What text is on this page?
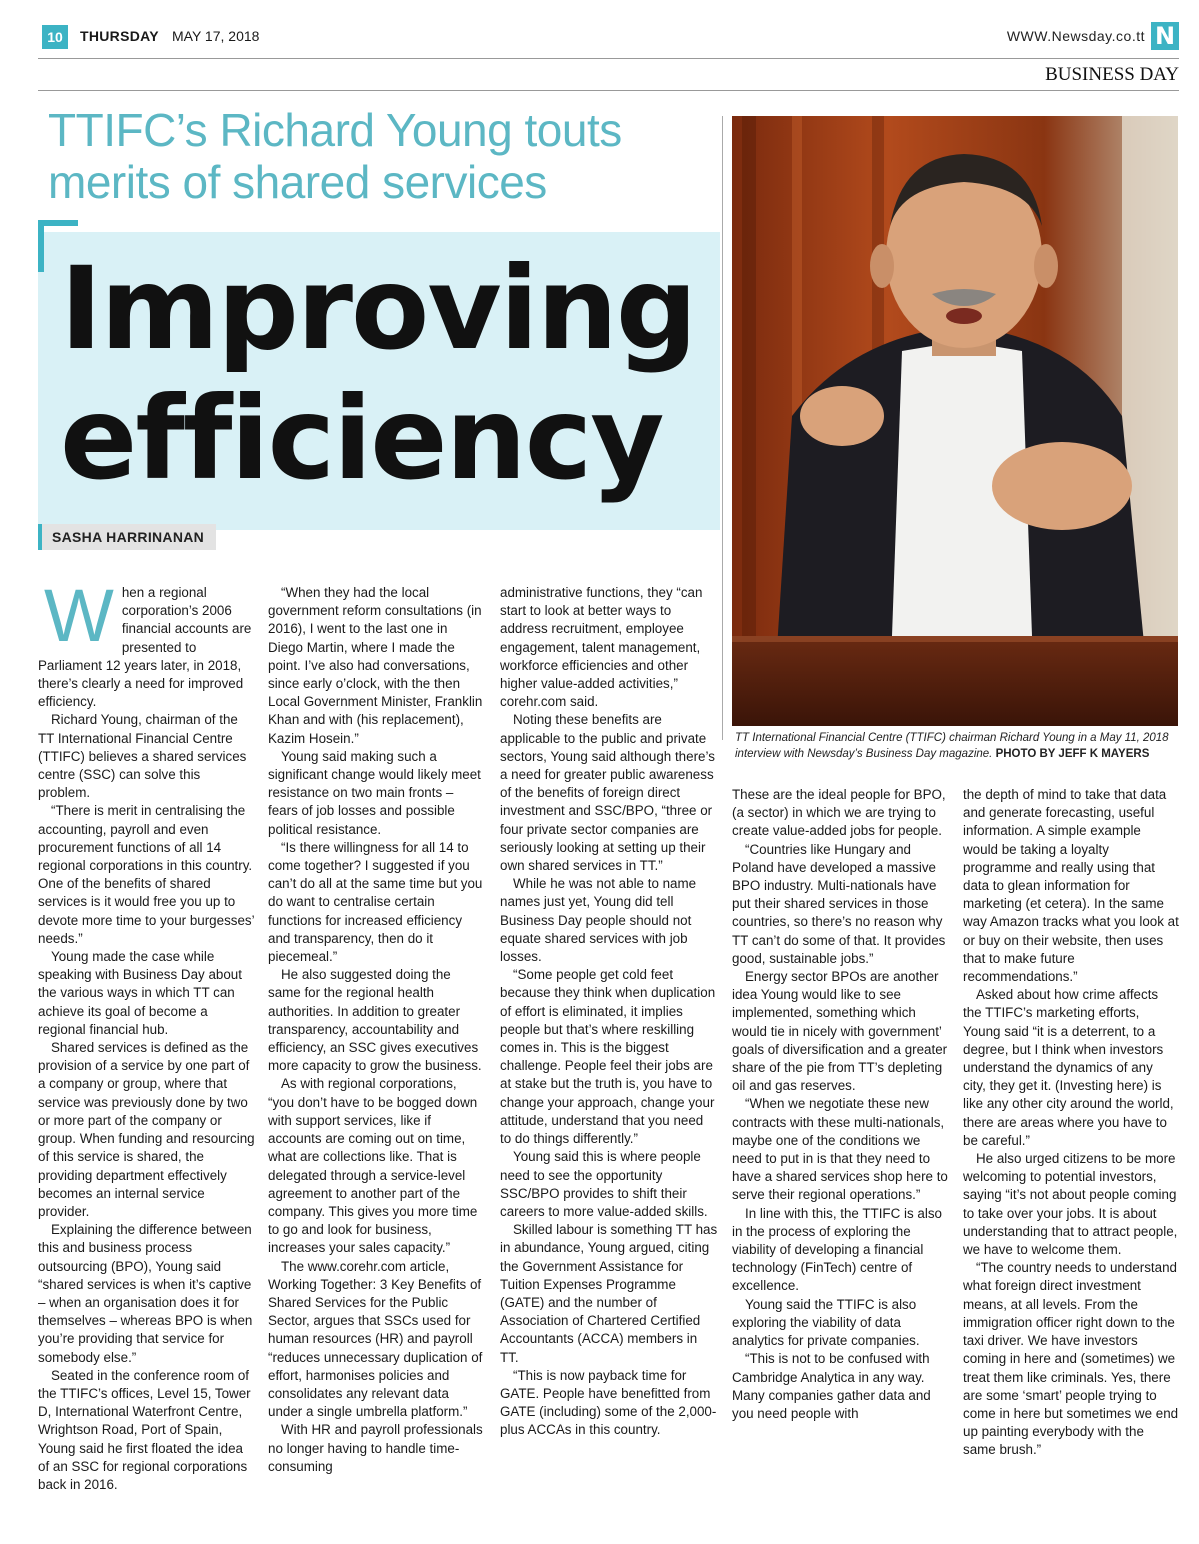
10	THURSDAY MAY 17, 2018	WWW.Newsday.co.tt N
BUSINESS DAY
TTIFC’s Richard Young touts merits of shared services
Improving
efficiency
SASHA HARRINANAN
TT International Financial Centre (TTIFC) chairman Richard Young in a May 11, 2018 interview with Newsday’s Business Day magazine. PHOTO BY JEFF K MAYERS
W hen a regional corporation’s 2006 financial accounts are presented to Parliament 12 years later, in 2018, there’s clearly a need for improved efficiency.

Richard Young, chairman of the TT International Financial Centre (TTIFC) believes a shared services centre (SSC) can solve this problem.

“There is merit in centralising the accounting, payroll and even procurement functions of all 14 regional corporations in this country. One of the benefits of shared services is it would free you up to devote more time to your burgesses’ needs.”

Young made the case while speaking with Business Day about the various ways in which TT can achieve its goal of become a regional financial hub.

Shared services is defined as the provision of a service by one part of a company or group, where that service was previously done by two or more part of the company or group. When funding and resourcing of this service is shared, the providing department effectively becomes an internal service provider.

Explaining the difference between this and business process outsourcing (BPO), Young said “shared services is when it’s captive – when an organisation does it for themselves – whereas BPO is when you’re providing that service for somebody else.”

Seated in the conference room of the TTIFC’s offices, Level 15, Tower D, International Waterfront Centre, Wrightson Road, Port of Spain, Young said he first floated the idea of an SSC for regional corporations back in 2016.

“When they had the local government reform consultations (in 2016), I went to the last one in Diego Martin, where I made the point. I’ve also had conversations, since early o’clock, with the then Local Government Minister, Franklin Khan and with (his replacement), Kazim Hosein.”

Young said making such a significant change would likely meet resistance on two main fronts – fears of job losses and possible political resistance.

“Is there willingness for all 14 to come together? I suggested if you can’t do all at the same time but you do want to centralise certain functions for increased efficiency and transparency, then do it piecemeal.”

He also suggested doing the same for the regional health authorities. In addition to greater transparency, accountability and efficiency, an SSC gives executives more capacity to grow the business.

As with regional corporations, “you don’t have to be bogged down with support services, like if accounts are coming out on time, what are collections like. That is delegated through a service-level agreement to another part of the company. This gives you more time to go and look for business, increases your sales capacity.”

The www.corehr.com article, Working Together: 3 Key Benefits of Shared Services for the Public Sector, argues that SSCs used for human resources (HR) and payroll “reduces unnecessary duplication of effort, harmonises policies and consolidates any relevant data under a single umbrella platform.”

With HR and payroll professionals no longer having to handle time-consuming

administrative functions, they “can start to look at better ways to address recruitment, employee engagement, talent management, workforce efficiencies and other higher value-added activities,” corehr.com said.

Noting these benefits are applicable to the public and private sectors, Young said although there’s a need for greater public awareness of the benefits of foreign direct investment and SSC/BPO, “three or four private sector companies are seriously looking at setting up their own shared services in TT.”

While he was not able to name names just yet, Young did tell Business Day people should not equate shared services with job losses.

“Some people get cold feet because they think when duplication of effort is eliminated, it implies people but that’s where reskilling comes in. This is the biggest challenge. People feel their jobs are at stake but the truth is, you have to change your approach, change your attitude, understand that you need to do things differently.”

Young said this is where people need to see the opportunity SSC/BPO provides to shift their careers to more value-added skills.

Skilled labour is something TT has in abundance, Young argued, citing the Government Assistance for Tuition Expenses Programme (GATE) and the number of Association of Chartered Certified Accountants (ACCA) members in TT.

“This is now payback time for GATE. People have benefitted from GATE (including) some of the 2,000-plus ACCAs in this country.

These are the ideal people for BPO, (a sector) in which we are trying to create value-added jobs for people.

“Countries like Hungary and Poland have developed a massive BPO industry. Multi-nationals have put their shared services in those countries, so there’s no reason why TT can’t do some of that. It provides good, sustainable jobs.”

Energy sector BPOs are another idea Young would like to see implemented, something which would tie in nicely with government’ goals of diversification and a greater share of the pie from TT’s depleting oil and gas reserves.

“When we negotiate these new contracts with these multi-nationals, maybe one of the conditions we need to put in is that they need to have a shared services shop here to serve their regional operations.”

In line with this, the TTIFC is also in the process of exploring the viability of developing a financial technology (FinTech) centre of excellence.

Young said the TTIFC is also exploring the viability of data analytics for private companies.

“This is not to be confused with Cambridge Analytica in any way. Many companies gather data and you need people with

the depth of mind to take that data and generate forecasting, useful information. A simple example would be taking a loyalty programme and really using that data to glean information for marketing (et cetera). In the same way Amazon tracks what you look at or buy on their website, then uses that to make future recommendations.”

Asked about how crime affects the TTIFC’s marketing efforts, Young said “it is a deterrent, to a degree, but I think when investors understand the dynamics of any city, they get it. (Investing here) is like any other city around the world, there are areas where you have to be careful.”

He also urged citizens to be more welcoming to potential investors, saying “it’s not about people coming to take over your jobs. It is about understanding that to attract people, we have to welcome them.

“The country needs to understand what foreign direct investment means, at all levels. From the immigration officer right down to the taxi driver. We have investors coming in here and (sometimes) we treat them like criminals. Yes, there are some ‘smart’ people trying to come in here but sometimes we end up painting everybody with the same brush.”
